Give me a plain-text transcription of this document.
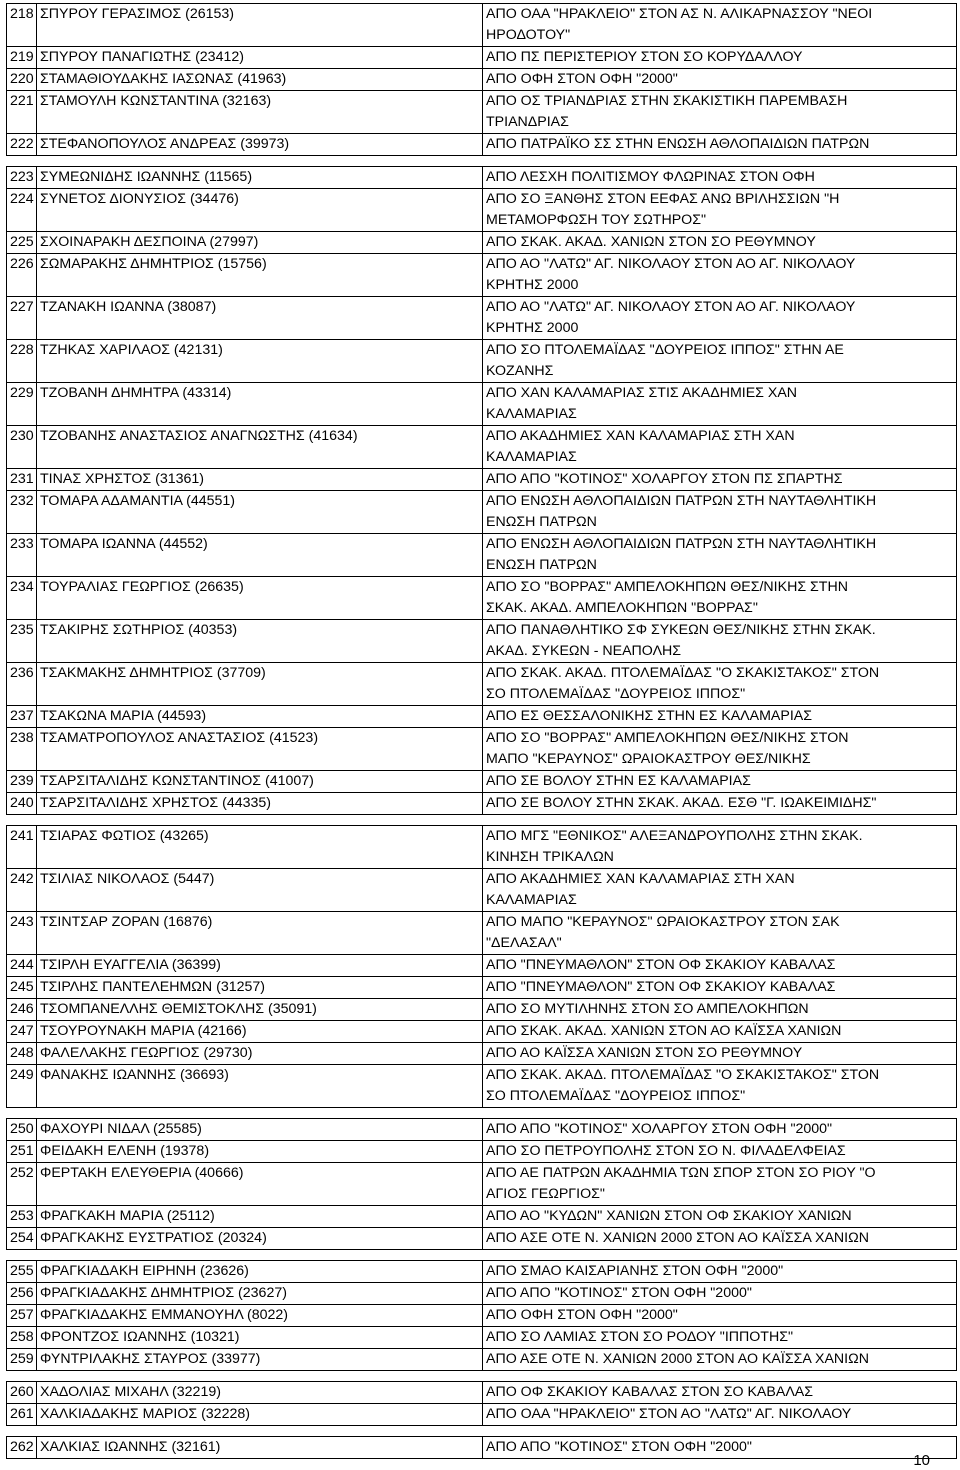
218	ΣΠΥΡΟΥ ΓΕΡΑΣΙΜΟΣ (26153)	ΑΠΟ ΟΑΑ "ΗΡΑΚΛΕΙΟ" ΣΤΟΝ ΑΣ Ν. ΑΛΙΚΑΡΝΑΣΣΟΥ "ΝΕΟΙ
ΗΡΟΔΟΤΟΥ"
219	ΣΠΥΡΟΥ ΠΑΝΑΓΙΩΤΗΣ (23412)	ΑΠΟ ΠΣ ΠΕΡΙΣΤΕΡΙΟΥ ΣΤΟΝ ΣΟ ΚΟΡΥΔΑΛΛΟΥ
220	ΣΤΑΜΑΘΙΟΥΔΑΚΗΣ ΙΑΣΩΝΑΣ (41963)	ΑΠΟ ΟΦΗ ΣΤΟΝ ΟΦΗ "2000"
221	ΣΤΑΜΟΥΛΗ ΚΩΝΣΤΑΝΤΙΝΑ (32163)	ΑΠΟ ΟΣ ΤΡΙΑΝΔΡΙΑΣ ΣΤΗΝ ΣΚΑΚΙΣΤΙΚΗ ΠΑΡΕΜΒΑΣΗ
ΤΡΙΑΝΔΡΙΑΣ
222	ΣΤΕΦΑΝΟΠΟΥΛΟΣ ΑΝΔΡΕΑΣ (39973)	ΑΠΟ ΠΑΤΡΑΪΚΟ ΣΣ ΣΤΗΝ ΕΝΩΣΗ ΑΘΛΟΠΑΙΔΙΩΝ ΠΑΤΡΩΝ

223	ΣΥΜΕΩΝΙΔΗΣ ΙΩΑΝΝΗΣ (11565)	ΑΠΟ ΛΕΣΧΗ ΠΟΛΙΤΙΣΜΟΥ ΦΛΩΡΙΝΑΣ ΣΤΟΝ ΟΦΗ
224	ΣΥΝΕΤΟΣ ΔΙΟΝΥΣΙΟΣ (34476)	ΑΠΟ ΣΟ ΞΑΝΘΗΣ ΣΤΟΝ ΕΕΦΑΣ ΑΝΩ ΒΡΙΛΗΣΣΙΩΝ "Η
ΜΕΤΑΜΟΡΦΩΣΗ ΤΟΥ ΣΩΤΗΡΟΣ"
225	ΣΧΟΙΝΑΡΑΚΗ ΔΕΣΠΟΙΝΑ (27997)	ΑΠΟ ΣΚΑΚ. ΑΚΑΔ. ΧΑΝΙΩΝ ΣΤΟΝ ΣΟ ΡΕΘΥΜΝΟΥ
226	ΣΩΜΑΡΑΚΗΣ ΔΗΜΗΤΡΙΟΣ (15756)	ΑΠΟ ΑΟ "ΛΑΤΩ" ΑΓ. ΝΙΚΟΛΑΟΥ ΣΤΟΝ ΑΟ ΑΓ. ΝΙΚΟΛΑΟΥ
ΚΡΗΤΗΣ 2000
227	ΤΖΑΝΑΚΗ ΙΩΑΝΝΑ (38087)	ΑΠΟ ΑΟ "ΛΑΤΩ" ΑΓ. ΝΙΚΟΛΑΟΥ ΣΤΟΝ ΑΟ ΑΓ. ΝΙΚΟΛΑΟΥ
ΚΡΗΤΗΣ 2000
228	ΤΖΗΚΑΣ ΧΑΡΙΛΑΟΣ (42131)	ΑΠΟ ΣΟ ΠΤΟΛΕΜΑΪΔΑΣ "ΔΟΥΡΕΙΟΣ ΙΠΠΟΣ" ΣΤΗΝ ΑΕ
ΚΟΖΑΝΗΣ
229	ΤΖΟΒΑΝΗ ΔΗΜΗΤΡΑ (43314)	ΑΠΟ ΧΑΝ ΚΑΛΑΜΑΡΙΑΣ ΣΤΙΣ ΑΚΑΔΗΜΙΕΣ ΧΑΝ
ΚΑΛΑΜΑΡΙΑΣ
230	ΤΖΟΒΑΝΗΣ ΑΝΑΣΤΑΣΙΟΣ ΑΝΑΓΝΩΣΤΗΣ (41634)	ΑΠΟ ΑΚΑΔΗΜΙΕΣ ΧΑΝ ΚΑΛΑΜΑΡΙΑΣ ΣΤΗ ΧΑΝ
ΚΑΛΑΜΑΡΙΑΣ
231	ΤΙΝΑΣ ΧΡΗΣΤΟΣ (31361)	ΑΠΟ ΑΠΟ "ΚΟΤΙΝΟΣ" ΧΟΛΑΡΓΟΥ ΣΤΟΝ ΠΣ ΣΠΑΡΤΗΣ
232	ΤΟΜΑΡΑ ΑΔΑΜΑΝΤΙΑ (44551)	ΑΠΟ ΕΝΩΣΗ ΑΘΛΟΠΑΙΔΙΩΝ ΠΑΤΡΩΝ ΣΤΗ ΝΑΥΤΑΘΛΗΤΙΚΗ
ΕΝΩΣΗ ΠΑΤΡΩΝ
233	ΤΟΜΑΡΑ ΙΩΑΝΝΑ (44552)	ΑΠΟ ΕΝΩΣΗ ΑΘΛΟΠΑΙΔΙΩΝ ΠΑΤΡΩΝ ΣΤΗ ΝΑΥΤΑΘΛΗΤΙΚΗ
ΕΝΩΣΗ ΠΑΤΡΩΝ
234	ΤΟΥΡΑΛΙΑΣ ΓΕΩΡΓΙΟΣ (26635)	ΑΠΟ ΣΟ "ΒΟΡΡΑΣ" ΑΜΠΕΛΟΚΗΠΩΝ ΘΕΣ/ΝΙΚΗΣ ΣΤΗΝ
ΣΚΑΚ. ΑΚΑΔ. ΑΜΠΕΛΟΚΗΠΩΝ "ΒΟΡΡΑΣ"
235	ΤΣΑΚΙΡΗΣ ΣΩΤΗΡΙΟΣ (40353)	ΑΠΟ ΠΑΝΑΘΛΗΤΙΚΟ ΣΦ ΣΥΚΕΩΝ ΘΕΣ/ΝΙΚΗΣ ΣΤΗΝ ΣΚΑΚ.
ΑΚΑΔ. ΣΥΚΕΩΝ - ΝΕΑΠΟΛΗΣ
236	ΤΣΑΚΜΑΚΗΣ ΔΗΜΗΤΡΙΟΣ (37709)	ΑΠΟ ΣΚΑΚ. ΑΚΑΔ. ΠΤΟΛΕΜΑΪΔΑΣ "Ο ΣΚΑΚΙΣΤΑΚΟΣ" ΣΤΟΝ
ΣΟ ΠΤΟΛΕΜΑΪΔΑΣ "ΔΟΥΡΕΙΟΣ ΙΠΠΟΣ"
237	ΤΣΑΚΩΝΑ ΜΑΡΙΑ (44593)	ΑΠΟ ΕΣ ΘΕΣΣΑΛΟΝΙΚΗΣ ΣΤΗΝ ΕΣ ΚΑΛΑΜΑΡΙΑΣ
238	ΤΣΑΜΑΤΡΟΠΟΥΛΟΣ ΑΝΑΣΤΑΣΙΟΣ (41523)	ΑΠΟ ΣΟ "ΒΟΡΡΑΣ" ΑΜΠΕΛΟΚΗΠΩΝ ΘΕΣ/ΝΙΚΗΣ ΣΤΟΝ
ΜΑΠΟ "ΚΕΡΑΥΝΟΣ" ΩΡΑΙΟΚΑΣΤΡΟΥ ΘΕΣ/ΝΙΚΗΣ
239	ΤΣΑΡΣΙΤΑΛΙΔΗΣ ΚΩΝΣΤΑΝΤΙΝΟΣ (41007)	ΑΠΟ ΣΕ ΒΟΛΟΥ ΣΤΗΝ ΕΣ ΚΑΛΑΜΑΡΙΑΣ
240	ΤΣΑΡΣΙΤΑΛΙΔΗΣ ΧΡΗΣΤΟΣ (44335)	ΑΠΟ ΣΕ ΒΟΛΟΥ ΣΤΗΝ ΣΚΑΚ. ΑΚΑΔ. ΕΣΘ "Γ. ΙΩΑΚΕΙΜΙΔΗΣ"

241	ΤΣΙΑΡΑΣ ΦΩΤΙΟΣ (43265)	ΑΠΟ ΜΓΣ "ΕΘΝΙΚΟΣ" ΑΛΕΞΑΝΔΡΟΥΠΟΛΗΣ ΣΤΗΝ ΣΚΑΚ.
ΚΙΝΗΣΗ ΤΡΙΚΑΛΩΝ
242	ΤΣΙΛΙΑΣ ΝΙΚΟΛΑΟΣ (5447)	ΑΠΟ ΑΚΑΔΗΜΙΕΣ ΧΑΝ ΚΑΛΑΜΑΡΙΑΣ ΣΤΗ ΧΑΝ
ΚΑΛΑΜΑΡΙΑΣ
243	ΤΣΙΝΤΣΑΡ ΖΟΡΑΝ (16876)	ΑΠΟ ΜΑΠΟ "ΚΕΡΑΥΝΟΣ" ΩΡΑΙΟΚΑΣΤΡΟΥ ΣΤΟΝ ΣΑΚ
"ΔΕΛΑΣΑΛ"
244	ΤΣΙΡΛΗ ΕΥΑΓΓΕΛΙΑ (36399)	ΑΠΟ "ΠΝΕΥΜΑΘΛΟΝ" ΣΤΟΝ ΟΦ ΣΚΑΚΙΟΥ ΚΑΒΑΛΑΣ
245	ΤΣΙΡΛΗΣ ΠΑΝΤΕΛΕΗΜΩΝ (31257)	ΑΠΟ "ΠΝΕΥΜΑΘΛΟΝ" ΣΤΟΝ ΟΦ ΣΚΑΚΙΟΥ ΚΑΒΑΛΑΣ
246	ΤΣΟΜΠΑΝΕΛΛΗΣ ΘΕΜΙΣΤΟΚΛΗΣ (35091)	ΑΠΟ ΣΟ ΜΥΤΙΛΗΝΗΣ ΣΤΟΝ ΣΟ ΑΜΠΕΛΟΚΗΠΩΝ
247	ΤΣΟΥΡΟΥΝΑΚΗ ΜΑΡΙΑ (42166)	ΑΠΟ ΣΚΑΚ. ΑΚΑΔ. ΧΑΝΙΩΝ ΣΤΟΝ ΑΟ ΚΑΪΣΣΑ ΧΑΝΙΩΝ
248	ΦΑΛΕΛΑΚΗΣ ΓΕΩΡΓΙΟΣ (29730)	ΑΠΟ ΑΟ ΚΑΪΣΣΑ ΧΑΝΙΩΝ ΣΤΟΝ ΣΟ ΡΕΘΥΜΝΟΥ
249	ΦΑΝΑΚΗΣ ΙΩΑΝΝΗΣ (36693)	ΑΠΟ ΣΚΑΚ. ΑΚΑΔ. ΠΤΟΛΕΜΑΪΔΑΣ "Ο ΣΚΑΚΙΣΤΑΚΟΣ" ΣΤΟΝ
ΣΟ ΠΤΟΛΕΜΑΪΔΑΣ "ΔΟΥΡΕΙΟΣ ΙΠΠΟΣ"

250	ΦΑΧΟΥΡΙ ΝΙΔΑΛ (25585)	ΑΠΟ ΑΠΟ "ΚΟΤΙΝΟΣ" ΧΟΛΑΡΓΟΥ ΣΤΟΝ ΟΦΗ "2000"
251	ΦΕΙΔΑΚΗ ΕΛΕΝΗ (19378)	ΑΠΟ ΣΟ ΠΕΤΡΟΥΠΟΛΗΣ ΣΤΟΝ ΣΟ Ν. ΦΙΛΑΔΕΛΦΕΙΑΣ
252	ΦΕΡΤΑΚΗ ΕΛΕΥΘΕΡΙΑ (40666)	ΑΠΟ ΑΕ ΠΑΤΡΩΝ ΑΚΑΔΗΜΙΑ ΤΩΝ ΣΠΟΡ ΣΤΟΝ ΣΟ ΡΙΟΥ "Ο
ΑΓΙΟΣ ΓΕΩΡΓΙΟΣ"
253	ΦΡΑΓΚΑΚΗ ΜΑΡΙΑ (25112)	ΑΠΟ ΑΟ "ΚΥΔΩΝ" ΧΑΝΙΩΝ ΣΤΟΝ ΟΦ ΣΚΑΚΙΟΥ ΧΑΝΙΩΝ
254	ΦΡΑΓΚΑΚΗΣ ΕΥΣΤΡΑΤΙΟΣ (20324)	ΑΠΟ ΑΣΕ ΟΤΕ Ν. ΧΑΝΙΩΝ 2000 ΣΤΟΝ ΑΟ ΚΑΪΣΣΑ ΧΑΝΙΩΝ

255	ΦΡΑΓΚΙΑΔΑΚΗ ΕΙΡΗΝΗ (23626)	ΑΠΟ ΣΜΑΟ ΚΑΙΣΑΡΙΑΝΗΣ ΣΤΟΝ ΟΦΗ "2000"
256	ΦΡΑΓΚΙΑΔΑΚΗΣ ΔΗΜΗΤΡΙΟΣ (23627)	ΑΠΟ ΑΠΟ "ΚΟΤΙΝΟΣ" ΣΤΟΝ ΟΦΗ "2000"
257	ΦΡΑΓΚΙΑΔΑΚΗΣ ΕΜΜΑΝΟΥΗΛ (8022)	ΑΠΟ ΟΦΗ ΣΤΟΝ ΟΦΗ "2000"
258	ΦΡΟΝΤΖΟΣ ΙΩΑΝΝΗΣ (10321)	ΑΠΟ ΣΟ ΛΑΜΙΑΣ ΣΤΟΝ ΣΟ ΡΟΔΟΥ "ΙΠΠΟΤΗΣ"
259	ΦΥΝΤΡΙΛΑΚΗΣ ΣΤΑΥΡΟΣ (33977)	ΑΠΟ ΑΣΕ ΟΤΕ Ν. ΧΑΝΙΩΝ 2000 ΣΤΟΝ ΑΟ ΚΑΪΣΣΑ ΧΑΝΙΩΝ

260	ΧΑΔΟΛΙΑΣ ΜΙΧΑΗΛ (32219)	ΑΠΟ ΟΦ ΣΚΑΚΙΟΥ ΚΑΒΑΛΑΣ ΣΤΟΝ ΣΟ ΚΑΒΑΛΑΣ
261	ΧΑΛΚΙΑΔΑΚΗΣ ΜΑΡΙΟΣ (32228)	ΑΠΟ ΟΑΑ "ΗΡΑΚΛΕΙΟ" ΣΤΟΝ ΑΟ "ΛΑΤΩ" ΑΓ. ΝΙΚΟΛΑΟΥ

262	ΧΑΛΚΙΑΣ ΙΩΑΝΝΗΣ (32161)	ΑΠΟ ΑΠΟ "ΚΟΤΙΝΟΣ" ΣΤΟΝ ΟΦΗ "2000"
10
